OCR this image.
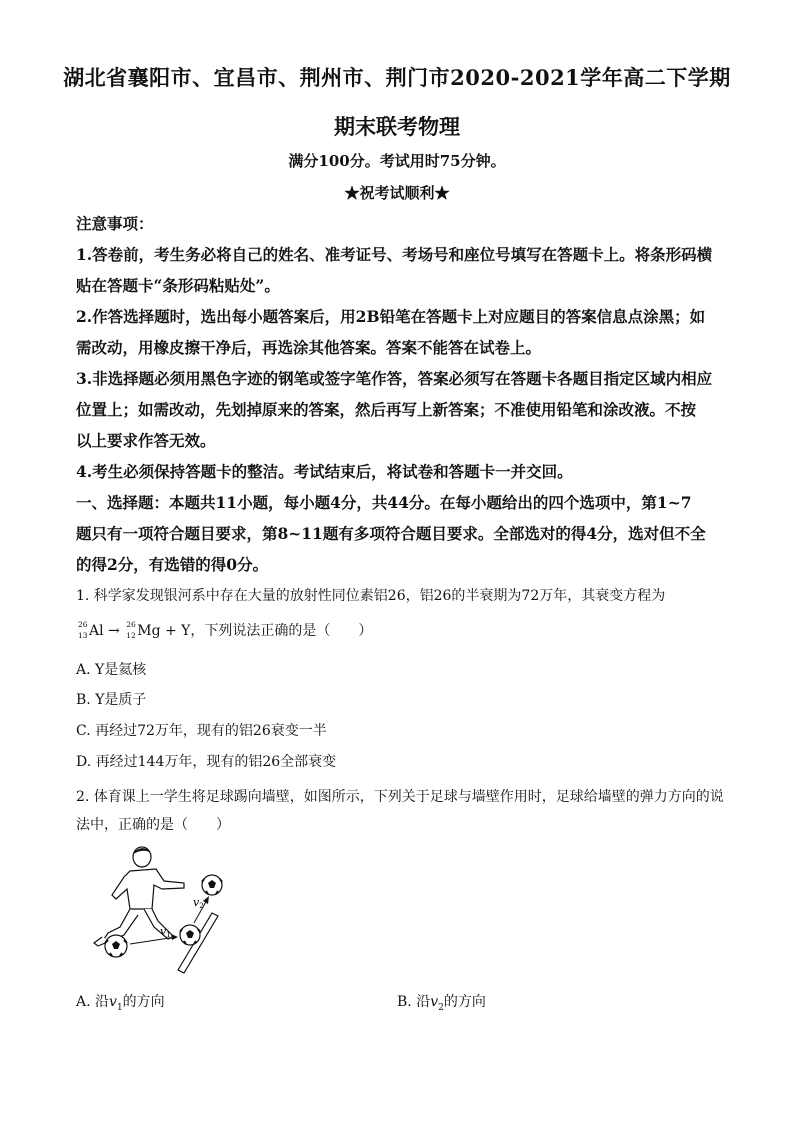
湖北省襄阳市、宜昌市、荆州市、荆门市2020-2021学年高二下学期
期末联考物理
满分100分。考试用时75分钟。
★祝考试顺利★

注意事项：

1.答卷前，考生务必将自己的姓名、准考证号、考场号和座位号填写在答题卡上。将条形码横

贴在答题卡“条形码粘贴处”。

2.作答选择题时，选出每小题答案后，用2B铅笔在答题卡上对应题目的答案信息点涂黑；如

需改动，用橡皮擦干净后，再选涂其他答案。答案不能答在试卷上。

3.非选择题必须用黑色字迹的钢笔或签字笔作答，答案必须写在答题卡各题目指定区域内相应

位置上；如需改动，先划掉原来的答案，然后再写上新答案；不准使用铅笔和涂改液。不按

以上要求作答无效。

4.考生必须保持答题卡的整洁。考试结束后，将试卷和答题卡一并交回。

一、选择题：本题共11小题，每小题4分，共44分。在每小题给出的四个选项中，第1~7

题只有一项符合题目要求，第8~11题有多项符合题目要求。全部选对的得4分，选对但不全

的得2分，有选错的得0分。

1. 科学家发现银河系中存在大量的放射性同位素铝26，铝26的半衰期为72万年，其衰变方程为

26
13 Al → 26
12 Mg + Y，下列说法正确的是（　　）
A. Y是氦核
B. Y是质子
C. 再经过72万年，现有的铝26衰变一半
D. 再经过144万年，现有的铝26全部衰变

2. 体育课上一学生将足球踢向墙壁，如图所示，下列关于足球与墙壁作用时，足球给墙壁的弹力方向的说

法中，正确的是（　　）

v1
v2
A. 沿$v_1$的方向	B. 沿$v_2$的方向
